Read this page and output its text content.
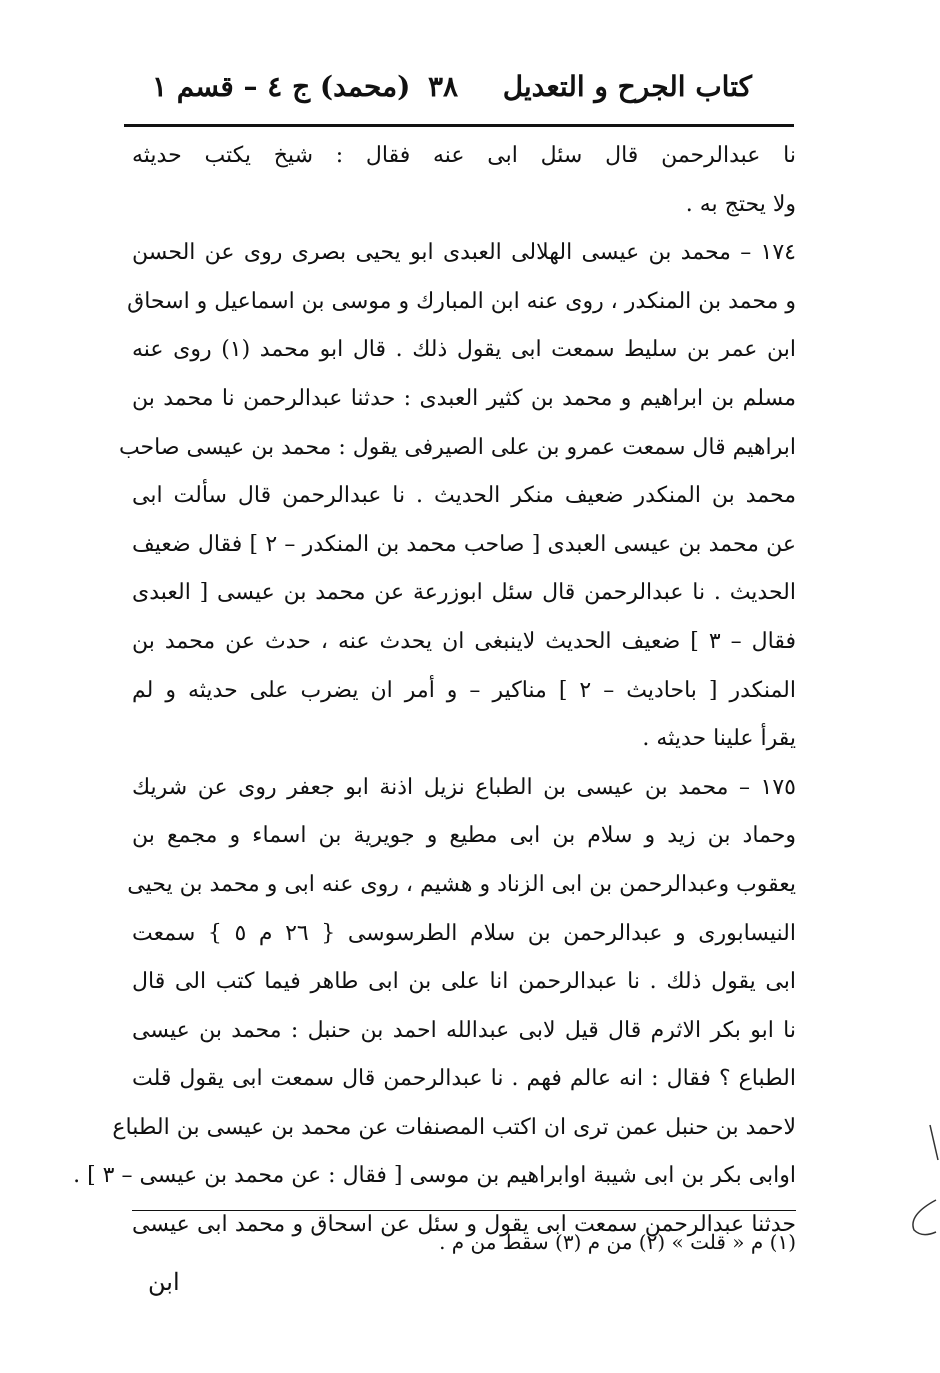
كتاب الجرح و التعديل
٣٨
(محمد) ج ٤ – قسم ١
نا عبدالرحمن قال سئل ابى عنه فقال : شيخ يكتب حديثه
ولا يحتج به .
١٧٤ – محمد بن عيسى الهلالى العبدى ابو يحيى بصرى روى عن الحسن
و محمد بن المنكدر ، روى عنه ابن المبارك و موسى بن اسماعيل و اسحاق
ابن عمر بن سليط سمعت ابى يقول ذلك . قال ابو محمد (١) روى عنه
مسلم بن ابراهيم و محمد بن كثير العبدى : حدثنا عبدالرحمن نا محمد بن
ابراهيم قال سمعت عمرو بن على الصيرفى يقول : محمد بن عيسى صاحب
محمد بن المنكدر ضعيف منكر الحديث . نا عبدالرحمن قال سألت ابى
عن محمد بن عيسى العبدى [ صاحب محمد بن المنكدر – ٢ ] فقال ضعيف
الحديث . نا عبدالرحمن قال سئل ابوزرعة عن محمد بن عيسى [ العبدى
فقال – ٣ ] ضعيف الحديث لاينبغى ان يحدث عنه ، حدث عن محمد بن
المنكدر [ باحاديث – ٢ ] مناكير – و أمر ان يضرب على حديثه و لم
يقرأ علينا حديثه .
١٧٥ – محمد بن عيسى بن الطباع نزيل اذنة ابو جعفر روى عن شريك
وحماد بن زيد و سلام بن ابى مطيع و جويرية بن اسماء و مجمع بن
يعقوب وعبدالرحمن بن ابى الزناد و هشيم ، روى عنه ابى و محمد بن يحيى
النيسابورى و عبدالرحمن بن سلام الطرسوسى { ٢٦ م ٥ } سمعت
ابى يقول ذلك . نا عبدالرحمن انا على بن ابى طاهر فيما كتب الى قال
نا ابو بكر الاثرم قال قيل لابى عبدالله احمد بن حنبل : محمد بن عيسى
الطباع ؟ فقال : انه عالم فهم . نا عبدالرحمن قال سمعت ابى يقول قلت
لاحمد بن حنبل عمن ترى ان اكتب المصنفات عن محمد بن عيسى بن الطباع
اوابى بكر بن ابى شيبة اوابراهيم بن موسى [ فقال : عن محمد بن عيسى – ٣ ] .
حدثنا عبدالرحمن سمعت ابى يقول و سئل عن اسحاق و محمد ابى عيسى
(١) م « قلت » (٢) من م (٣) سقط من م .
ابن
